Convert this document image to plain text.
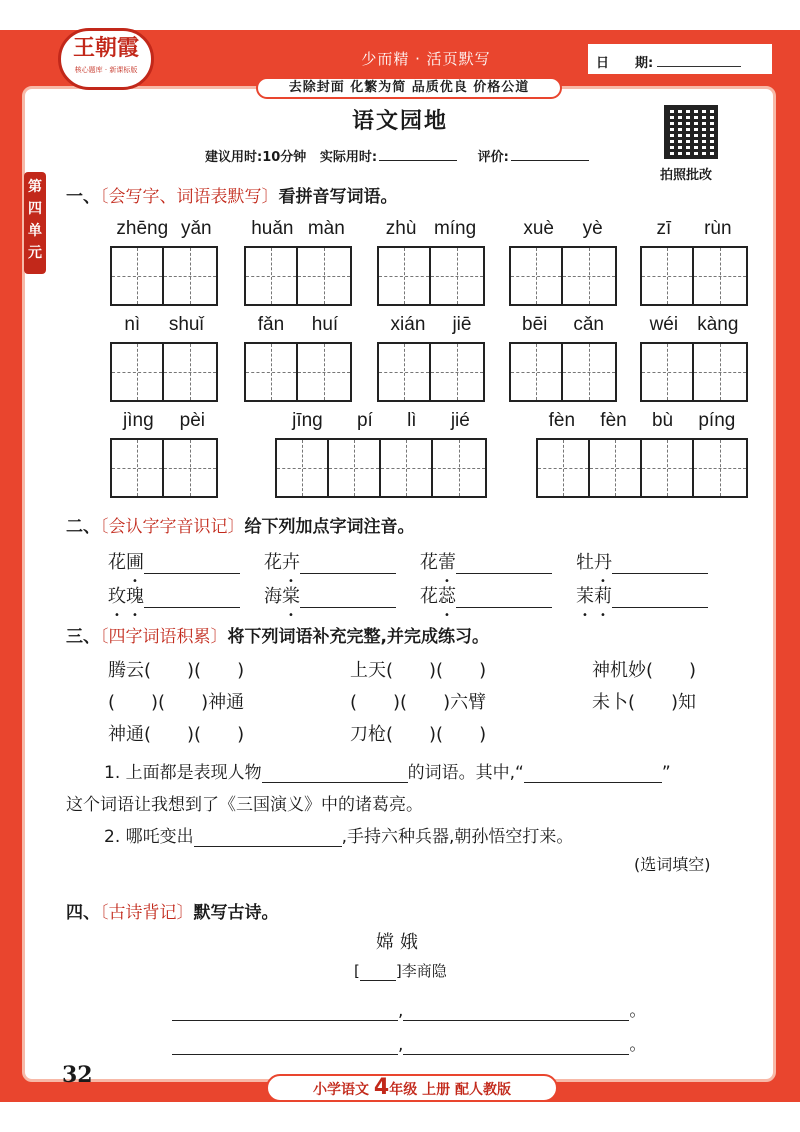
王朝霞
核心题库 · 新课标版
少而精 · 活页默写	日　　期:
去除封面 化繁为简 品质优良 价格公道
语文园地
建议用时:10分钟 实际用时:	评价:
拍照批改
第四单元
一、〔会写字、词语表默写〕看拼音写词语。
zhēng yǎn huǎn màn zhù míng xuè yè	zī rùn
nì shuǐ	fǎn huí	xián jiē	bēi cǎn wéi kàng
jìng pèi	jīng pí lì jié	fèn fèn bù píng
二、〔会认字字音识记〕给下列加点字词注音。
花圃	花卉	花蕾	牡丹
玫瑰	海棠	花蕊	茉莉
三、〔四字词语积累〕将下列词语补充完整,并完成练习。
腾云(　　)(　　)	上天(　　)(　　)	神机妙(　　)
(　　)(　　)神通	(　　)(　　)六臂	未卜(　　)知
神通(　　)(　　)	刀枪(　　)(　　)
1. 上面都是表现人物	的词语。其中,“	”
这个词语让我想到了《三国演义》中的诸葛亮。
2. 哪吒变出	,手持六种兵器,朝孙悟空打来。
(选词填空)
四、〔古诗背记〕默写古诗。
嫦娥
[ ]李商隐
,	。
,	。
32
小学语文 4年级 上册 配人教版
